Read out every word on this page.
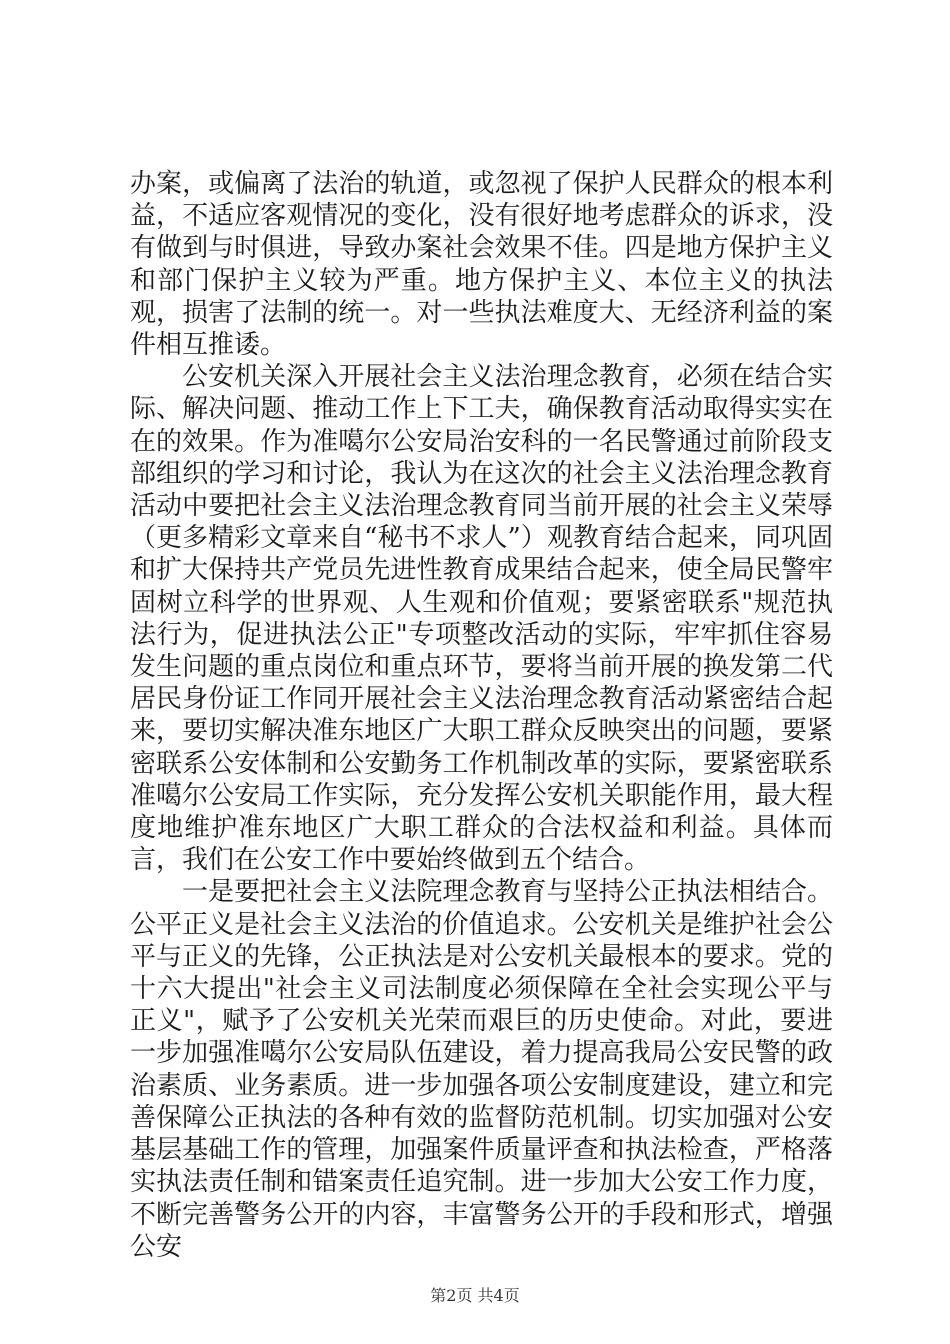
办案，或偏离了法治的轨道，或忽视了保护人民群众的根本利益，不适应客观情况的变化，没有很好地考虑群众的诉求，没有做到与时俱进，导致办案社会效果不佳。四是地方保护主义和部门保护主义较为严重。地方保护主义、本位主义的执法观，损害了法制的统一。对一些执法难度大、无经济利益的案件相互推诿。

公安机关深入开展社会主义法治理念教育，必须在结合实际、解决问题、推动工作上下工夫，确保教育活动取得实实在在的效果。作为准噶尔公安局治安科的一名民警通过前阶段支部组织的学习和讨论，我认为在这次的社会主义法治理念教育活动中要把社会主义法治理念教育同当前开展的社会主义荣辱（更多精彩文章来自“秘书不求人”）观教育结合起来，同巩固和扩大保持共产党员先进性教育成果结合起来，使全局民警牢固树立科学的世界观、人生观和价值观；要紧密联系"规范执法行为，促进执法公正"专项整改活动的实际，牢牢抓住容易发生问题的重点岗位和重点环节，要将当前开展的换发第二代居民身份证工作同开展社会主义法治理念教育活动紧密结合起来，要切实解决准东地区广大职工群众反映突出的问题，要紧密联系公安体制和公安勤务工作机制改革的实际，要紧密联系准噶尔公安局工作实际，充分发挥公安机关职能作用，最大程度地维护准东地区广大职工群众的合法权益和利益。具体而言，我们在公安工作中要始终做到五个结合。

一是要把社会主义法院理念教育与坚持公正执法相结合。公平正义是社会主义法治的价值追求。公安机关是维护社会公平与正义的先锋，公正执法是对公安机关最根本的要求。党的十六大提出"社会主义司法制度必须保障在全社会实现公平与正义"，赋予了公安机关光荣而艰巨的历史使命。对此，要进一步加强准噶尔公安局队伍建设，着力提高我局公安民警的政治素质、业务素质。进一步加强各项公安制度建设，建立和完善保障公正执法的各种有效的监督防范机制。切实加强对公安基层基础工作的管理，加强案件质量评查和执法检查，严格落实执法责任制和错案责任追究制。进一步加大公安工作力度，不断完善警务公开的内容，丰富警务公开的手段和形式，增强公安

第2页 共4页
